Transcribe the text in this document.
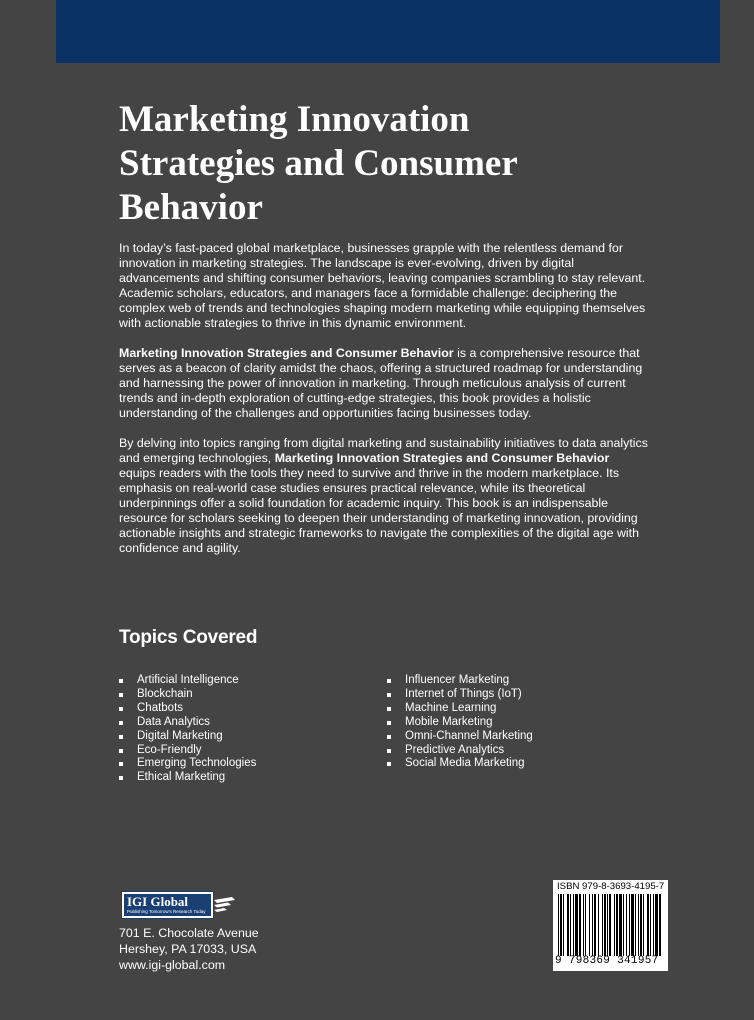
Marketing Innovation
Strategies and Consumer
Behavior

In today’s fast-paced global marketplace, businesses grapple with the relentless demand for innovation in marketing strategies. The landscape is ever-evolving, driven by digital advancements and shifting consumer behaviors, leaving companies scrambling to stay relevant. Academic scholars, educators, and managers face a formidable challenge: deciphering the complex web of trends and technologies shaping modern marketing while equipping themselves with actionable strategies to thrive in this dynamic environment.

Marketing Innovation Strategies and Consumer Behavior is a comprehensive resource that serves as a beacon of clarity amidst the chaos, offering a structured roadmap for understanding and harnessing the power of innovation in marketing. Through meticulous analysis of current trends and in-depth exploration of cutting-edge strategies, this book provides a holistic understanding of the challenges and opportunities facing businesses today.

By delving into topics ranging from digital marketing and sustainability initiatives to data analytics and emerging technologies, Marketing Innovation Strategies and Consumer Behavior equips readers with the tools they need to survive and thrive in the modern marketplace. Its emphasis on real-world case studies ensures practical relevance, while its theoretical underpinnings offer a solid foundation for academic inquiry. This book is an indispensable resource for scholars seeking to deepen their understanding of marketing innovation, providing actionable insights and strategic frameworks to navigate the complexities of the digital age with confidence and agility.

Topics Covered
Artificial Intelligence
Blockchain
Chatbots
Data Analytics
Digital Marketing
Eco-Friendly
Emerging Technologies
Ethical Marketing
Influencer Marketing
Internet of Things (IoT)
Machine Learning
Mobile Marketing
Omni-Channel Marketing
Predictive Analytics
Social Media Marketing
IGI Global
Publishing Tomorrow's Research Today
701 E. Chocolate Avenue
Hershey, PA 17033, USA
www.igi-global.com
ISBN 979-8-3693-4195-7
9 798369 341957
